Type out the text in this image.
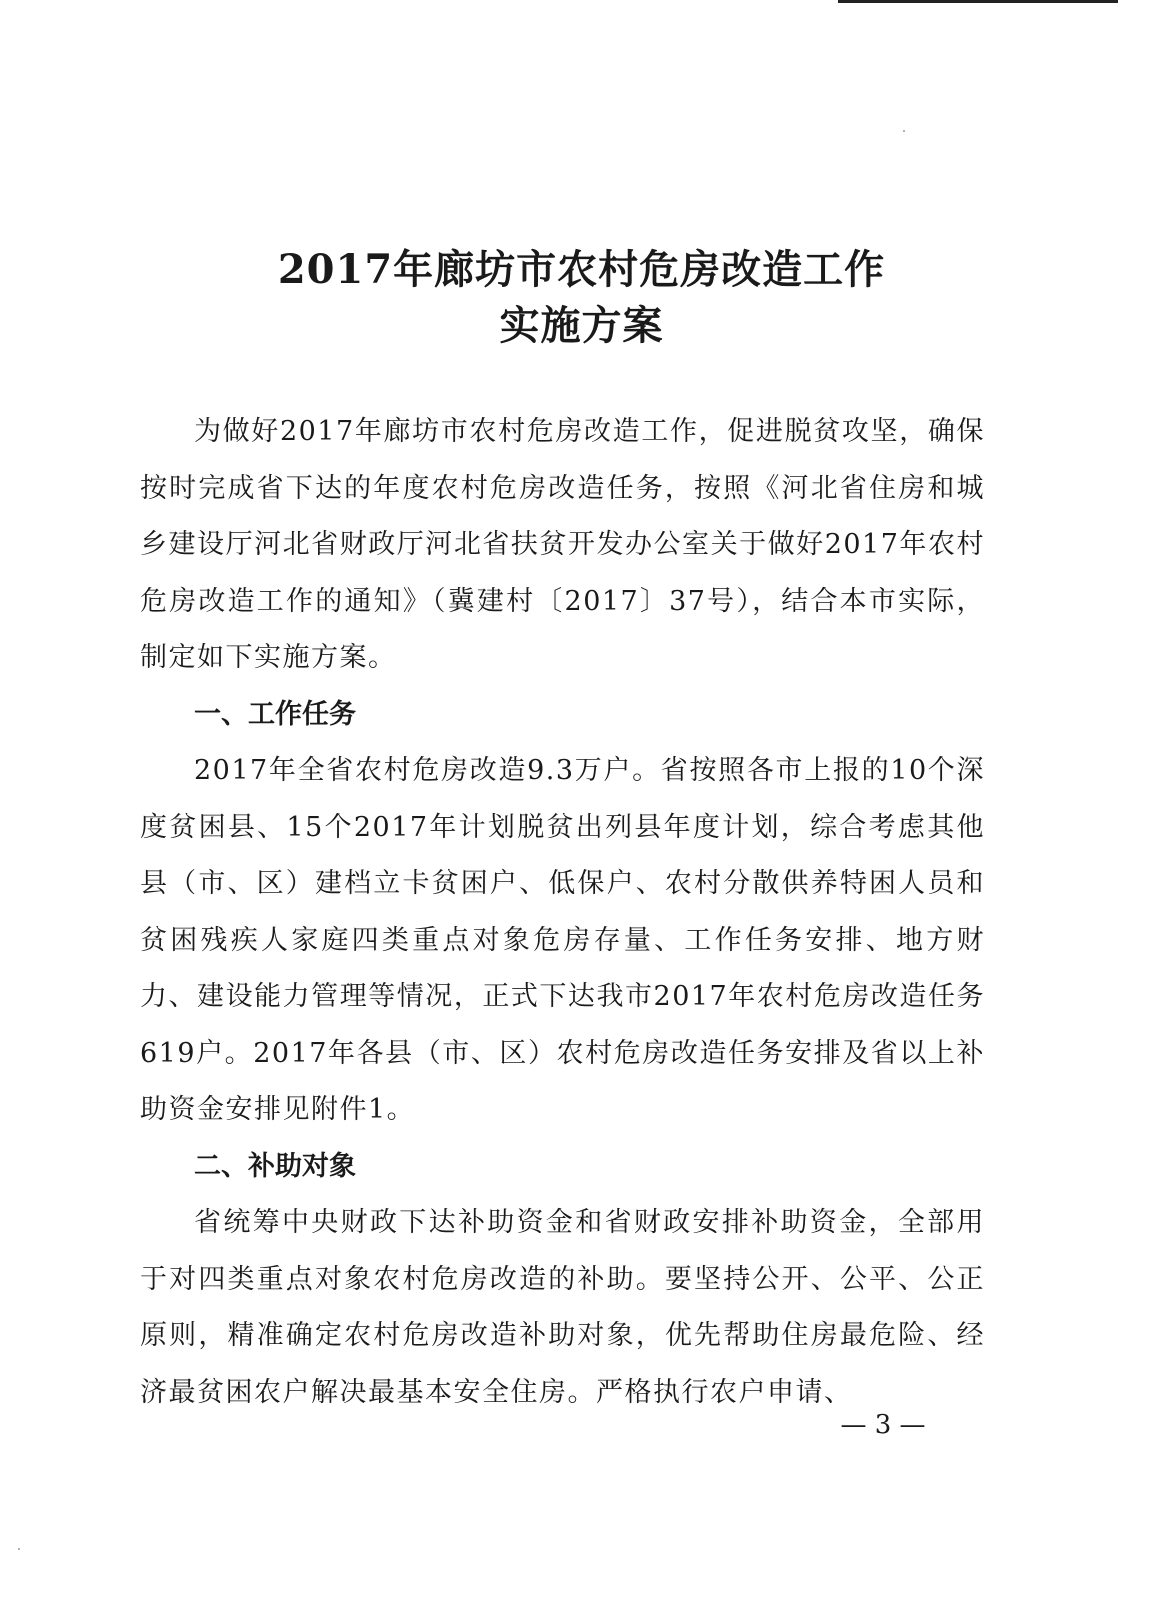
2017年廊坊市农村危房改造工作
实施方案

为做好2017年廊坊市农村危房改造工作，促进脱贫攻坚，确保按时完成省下达的年度农村危房改造任务，按照《河北省住房和城乡建设厅河北省财政厅河北省扶贫开发办公室关于做好2017年农村危房改造工作的通知》（冀建村〔2017〕37号），结合本市实际，制定如下实施方案。

一、工作任务

2017年全省农村危房改造9.3万户。省按照各市上报的10个深度贫困县、15个2017年计划脱贫出列县年度计划，综合考虑其他县（市、区）建档立卡贫困户、低保户、农村分散供养特困人员和贫困残疾人家庭四类重点对象危房存量、工作任务安排、地方财力、建设能力管理等情况，正式下达我市2017年农村危房改造任务619户。2017年各县（市、区）农村危房改造任务安排及省以上补助资金安排见附件1。

二、补助对象

省统筹中央财政下达补助资金和省财政安排补助资金，全部用于对四类重点对象农村危房改造的补助。要坚持公开、公平、公正原则，精准确定农村危房改造补助对象，优先帮助住房最危险、经济最贫困农户解决最基本安全住房。严格执行农户申请、

— 3 —
